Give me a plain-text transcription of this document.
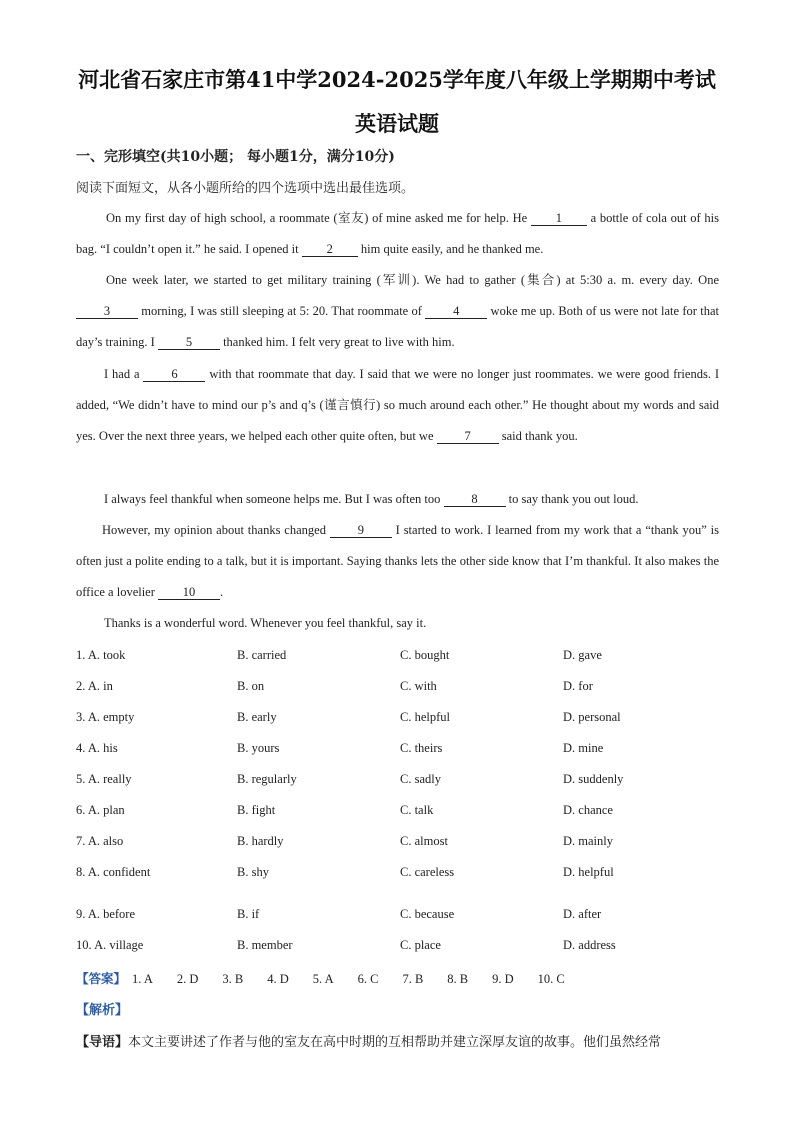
河北省石家庄市第41中学2024-2025学年度八年级上学期期中考试
英语试题
一、完形填空(共10小题； 每小题1分，满分10分)
阅读下面短文，从各小题所给的四个选项中选出最佳选项。
On my first day of high school, a roommate (室友) of mine asked me for help. He 1 a bottle of cola out of his bag. “I couldn’t open it.” he said. I opened it 2 him quite easily, and he thanked me.
One week later, we started to get military training (军训). We had to gather (集合) at 5:30 a. m. every day. One 3 morning, I was still sleeping at 5: 20. That roommate of 4 woke me up. Both of us were not late for that day’s training. I 5 thanked him. I felt very great to live with him.
I had a 6 with that roommate that day. I said that we were no longer just roommates. we were good friends. I added, “We didn’t have to mind our p’s and q’s (谨言慎行) so much around each other.” He thought about my words and said yes. Over the next three years, we helped each other quite often, but we 7 said thank you.
I always feel thankful when someone helps me. But I was often too 8 to say thank you out loud.
However, my opinion about thanks changed 9 I started to work. I learned from my work that a “thank you” is often just a polite ending to a talk, but it is important. Saying thanks lets the other side know that I’m thankful. It also makes the office a lovelier 10 .
Thanks is a wonderful word. Whenever you feel thankful, say it.
1. A. took	B. carried	C. bought	D. gave
2. A. in	B. on	C. with	D. for
3. A. empty	B. early	C. helpful	D. personal
4. A. his	B. yours	C. theirs	D. mine
5. A. really	B. regularly	C. sadly	D. suddenly
6. A. plan	B. fight	C. talk	D. chance
7. A. also	B. hardly	C. almost	D. mainly
8. A. confident	B. shy	C. careless	D. helpful
9. A. before	B. if	C. because	D. after
10. A. village	B. member	C. place	D. address
【答案】 1. A 2. D 3. B 4. D 5. A 6. C 7. B 8. B 9. D 10. C
【解析】
【导语】本文主要讲述了作者与他的室友在高中时期的互相帮助并建立深厚友谊的故事。他们虽然经常
